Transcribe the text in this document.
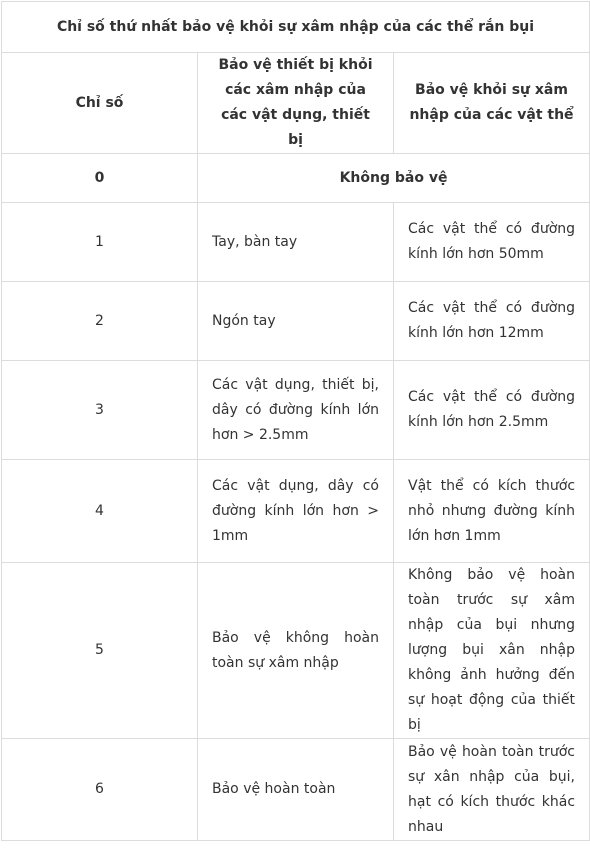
Chỉ số thứ nhất bảo vệ khỏi sự xâm nhập của các thể rắn bụi		
Chỉ số	Bảo vệ thiết bị khỏi các xâm nhập của các vật dụng, thiết bị	Bảo vệ khỏi sự xâm nhập của các vật thể
0	Không bảo vệ	
1	Tay, bàn tay	Các vật thể có đường kính lớn hơn 50mm
2	Ngón tay	Các vật thể có đường kính lớn hơn 12mm
3	Các vật dụng, thiết bị, dây có đường kính lớn hơn > 2.5mm	Các vật thể có đường kính lớn hơn 2.5mm
4	Các vật dụng, dây có đường kính lớn hơn > 1mm	Vật thể có kích thước nhỏ nhưng đường kính lớn hơn 1mm
5	Bảo vệ không hoàn toàn sự xâm nhập	Không bảo vệ hoàn toàn trước sự xâm nhập của bụi nhưng lượng bụi xân nhập không ảnh hưởng đến sự hoạt động của thiết bị
6	Bảo vệ hoàn toàn	Bảo vệ hoàn toàn trước sự xân nhập của bụi, hạt có kích thước khác nhau
